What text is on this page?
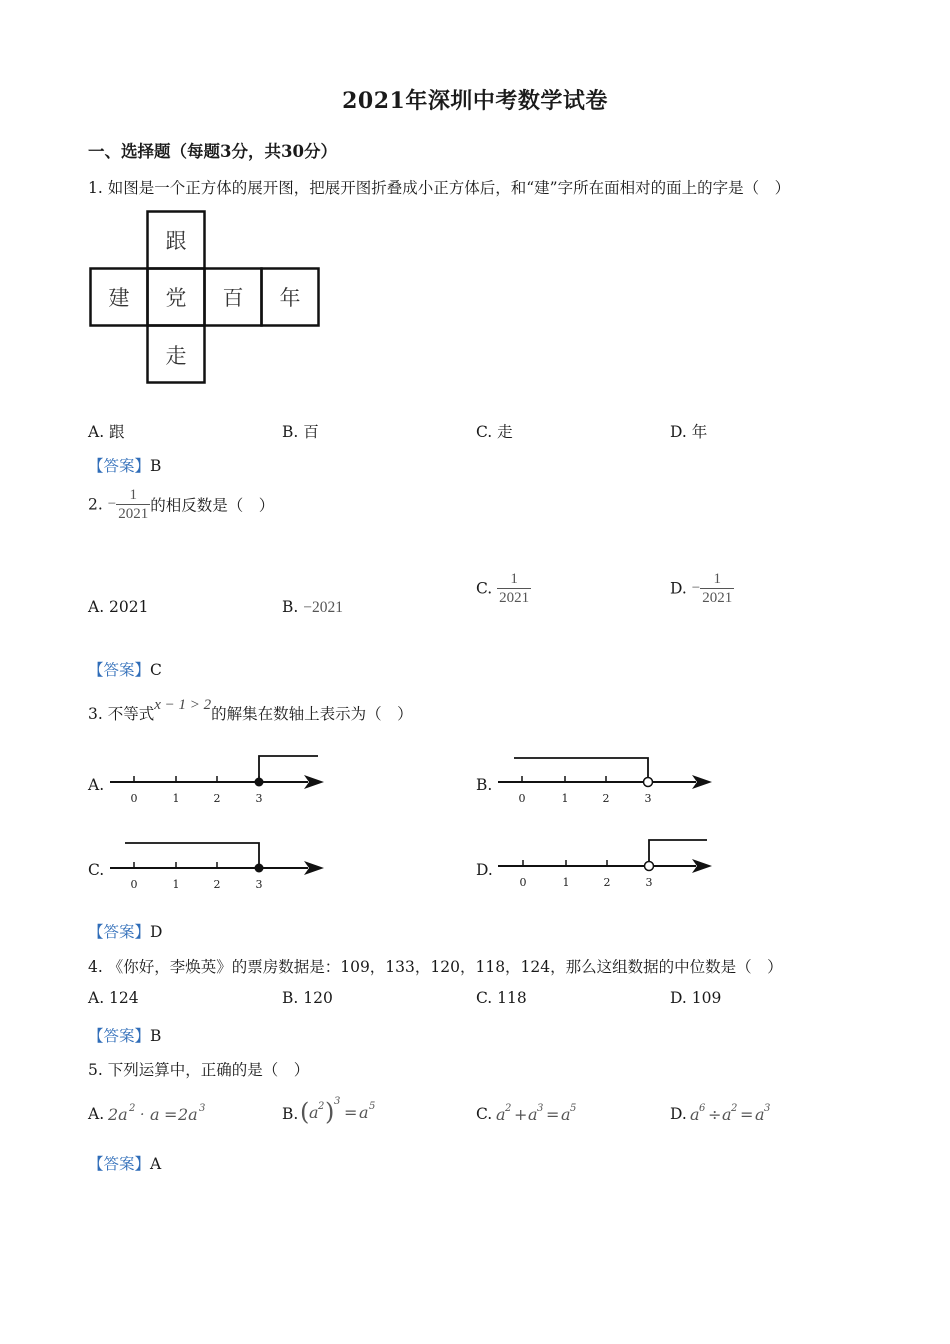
2021年深圳中考数学试卷
一、选择题（每题3分，共30分）
1. 如图是一个正方体的展开图，把展开图折叠成小正方体后，和“建”字所在面相对的面上的字是（　）
跟
建 党 百 年
走
A. 跟	B. 百	C. 走	D. 年
【答案】B
2. − $\frac{1}{2021}$ 的相反数是（　）
A. 2021	B. −2021
C. $\frac{1}{2021}$	D. − $\frac{1}{2021}$
【答案】C
3. 不等式x − 1 > 2的解集在数轴上表示为（　）
A.
0	1	2	3
B.
0	1	2	3
C.
0	1	2	3
D.
0	1	2	3
【答案】D
4. 《你好，李焕英》的票房数据是：109，133，120，118，124，那么这组数据的中位数是（　）
A. 124	B. 120	C. 118	D. 109
【答案】B
5. 下列运算中，正确的是（　）
A. 2a 2 · a = 2a 3	B. ( a 2 ) 3
= a 5	C. a 2 + a 3 = a 5	D. a 6 ÷ a 2 = a 3
【答案】A
